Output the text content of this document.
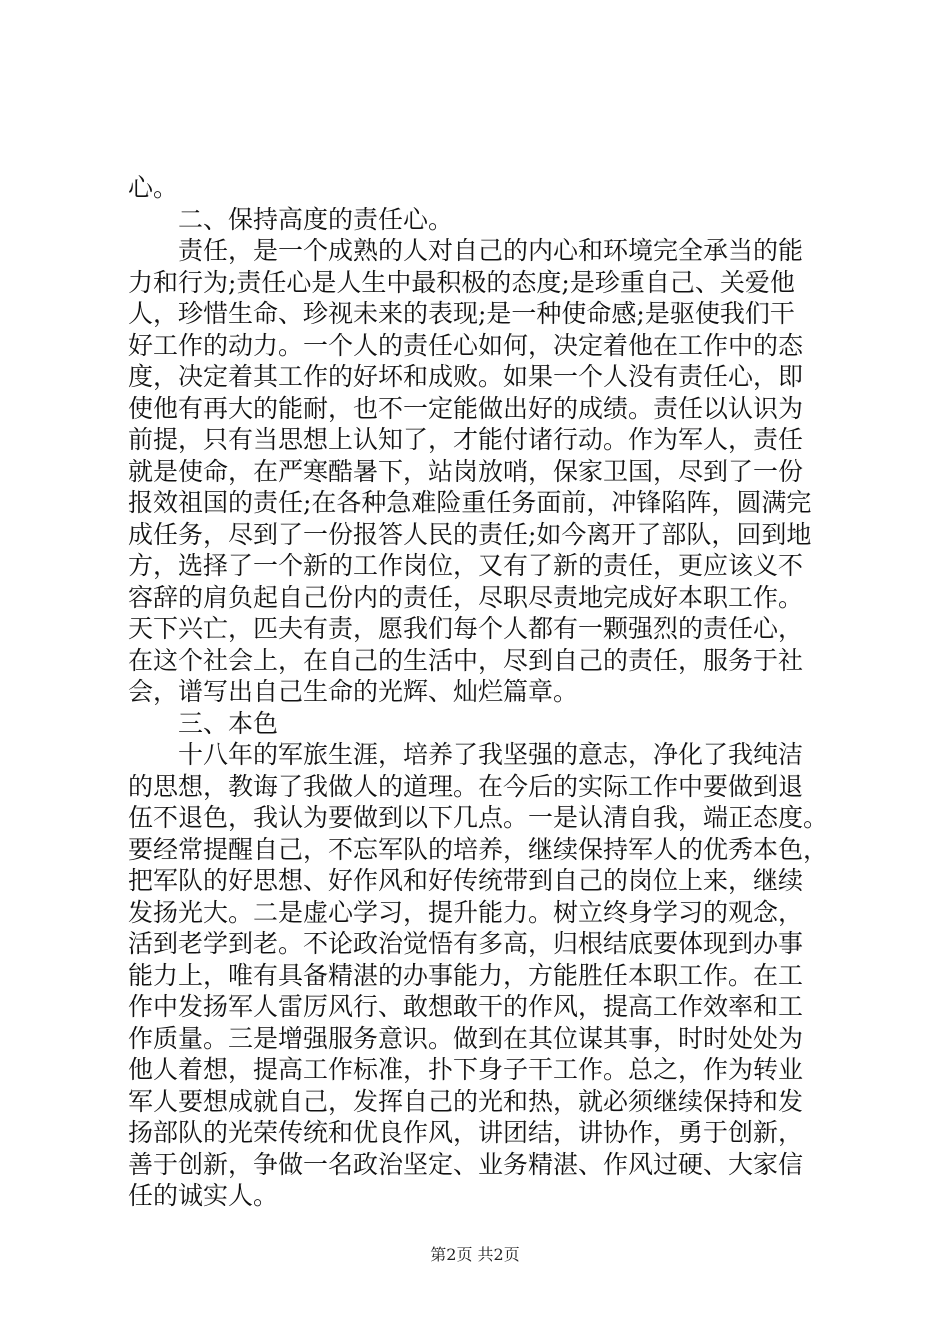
心。
二、保持高度的责任心。
责任，是一个成熟的人对自己的内心和环境完全承当的能
力和行为;责任心是人生中最积极的态度;是珍重自己、关爱他
人，珍惜生命、珍视未来的表现;是一种使命感;是驱使我们干
好工作的动力。一个人的责任心如何，决定着他在工作中的态
度，决定着其工作的好坏和成败。如果一个人没有责任心，即
使他有再大的能耐，也不一定能做出好的成绩。责任以认识为
前提，只有当思想上认知了，才能付诸行动。作为军人，责任
就是使命，在严寒酷暑下，站岗放哨，保家卫国，尽到了一份
报效祖国的责任;在各种急难险重任务面前，冲锋陷阵，圆满完
成任务，尽到了一份报答人民的责任;如今离开了部队，回到地
方，选择了一个新的工作岗位，又有了新的责任，更应该义不
容辞的肩负起自己份内的责任，尽职尽责地完成好本职工作。
天下兴亡，匹夫有责，愿我们每个人都有一颗强烈的责任心，
在这个社会上，在自己的生活中，尽到自己的责任，服务于社
会，谱写出自己生命的光辉、灿烂篇章。
三、本色
十八年的军旅生涯，培养了我坚强的意志，净化了我纯洁
的思想，教诲了我做人的道理。在今后的实际工作中要做到退
伍不退色，我认为要做到以下几点。一是认清自我，端正态度。
要经常提醒自己，不忘军队的培养，继续保持军人的优秀本色，
把军队的好思想、好作风和好传统带到自己的岗位上来，继续
发扬光大。二是虚心学习，提升能力。树立终身学习的观念，
活到老学到老。不论政治觉悟有多高，归根结底要体现到办事
能力上，唯有具备精湛的办事能力，方能胜任本职工作。在工
作中发扬军人雷厉风行、敢想敢干的作风，提高工作效率和工
作质量。三是增强服务意识。做到在其位谋其事，时时处处为
他人着想，提高工作标准，扑下身子干工作。总之，作为转业
军人要想成就自己，发挥自己的光和热，就必须继续保持和发
扬部队的光荣传统和优良作风，讲团结，讲协作，勇于创新，
善于创新，争做一名政治坚定、业务精湛、作风过硬、大家信
任的诚实人。
第2页 共2页
